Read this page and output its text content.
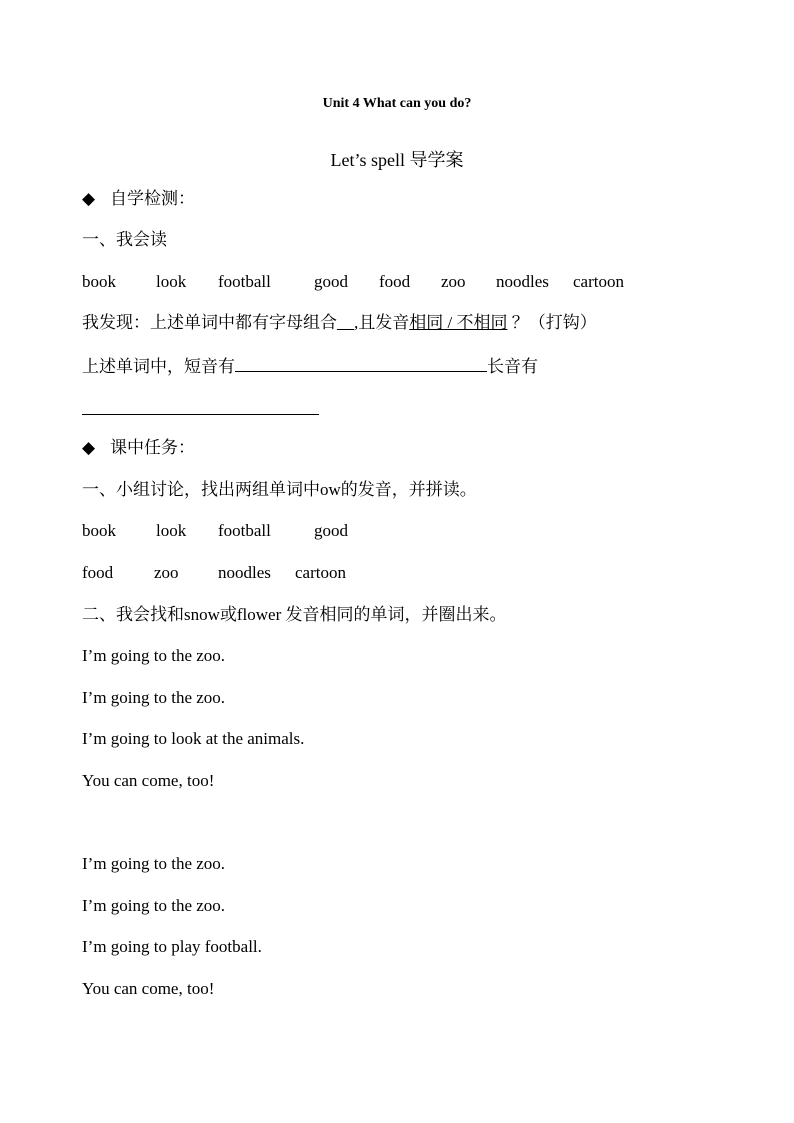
Unit 4 What can you do?
Let’s spell 导学案
◆ 自学检测：
一、我会读
book look football	good food zoo noodles cartoon
我发现：上述单词中都有字母组合__,且发音相同 / 不相同 ？（打钩）
上述单词中，短音有	长音有
◆ 课中任务：
一、小组讨论，找出两组单词中ow的发音，并拼读。
book look football	good
food zoo noodles cartoon
二、我会找和snow或flower 发音相同的单词，并圈出来。
I’m going to the zoo.
I’m going to the zoo.
I’m going to look at the animals.
You can come, too!
I’m going to the zoo.
I’m going to the zoo.
I’m going to play football.
You can come, too!
